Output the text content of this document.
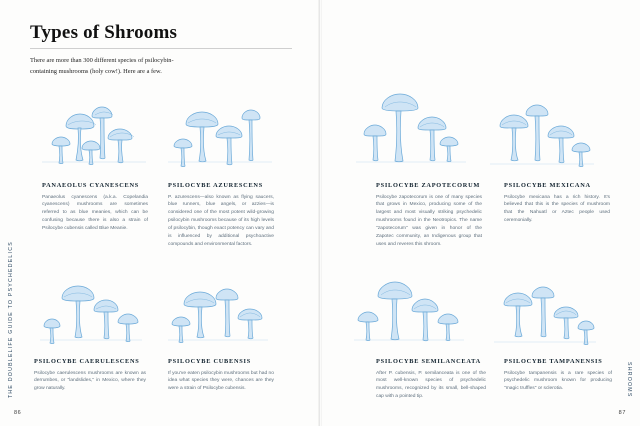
THE DOUBLELIFE GUIDE TO PSYCHEDELICS	SHROOMS
86	87
Types of Shrooms
There are more than 300 different species of psilocybin-containing mushrooms (holy cow!). Here are a few.
PANAEOLUS CYANESCENS

Panaeolus cyanescens (a.k.a. Copelandia cyanescens) mushrooms are sometimes referred to as blue meanies, which can be confusing because there is also a strain of Psilocybe cubensis called Blue Meanie.

PSILOCYBE AZURESCENS

P. azurescens—also known as flying saucers, blue runners, blue angels, or azzies—is considered one of the most potent wild-growing psilocybin mushrooms because of its high levels of psilocybin, though exact potency can vary and is influenced by additional psychoactive compounds and environmental factors.

PSILOCYBE ZAPOTECORUM

Psilocybe zapotecorum is one of many species that grows in Mexico, producing some of the largest and most visually striking psychedelic mushrooms found in the Neotropics. The name "zapotecorum" was given in honor of the Zapotec community, an Indigenous group that uses and reveres this shroom.

PSILOCYBE MEXICANA

Psilocybe mexicana has a rich history. It's believed that this is the species of mushroom that the Nahuatl or Aztec people used ceremonially.

PSILOCYBE CAERULESCENS

Psilocybe caerulescens mushrooms are known as derrumbes, or "landslides," in Mexico, where they grow naturally.

PSILOCYBE CUBENSIS

If you've eaten psilocybin mushrooms but had no idea what species they were, chances are they were a strain of Psilocybe cubensis.

PSILOCYBE SEMILANCEATA

After P. cubensis, P. semilanceata is one of the most well-known species of psychedelic mushrooms, recognized by its small, bell-shaped cap with a pointed tip.

PSILOCYBE TAMPANENSIS

Psilocybe tampanensis is a rare species of psychedelic mushroom known for producing "magic truffles" or sclerotia.
